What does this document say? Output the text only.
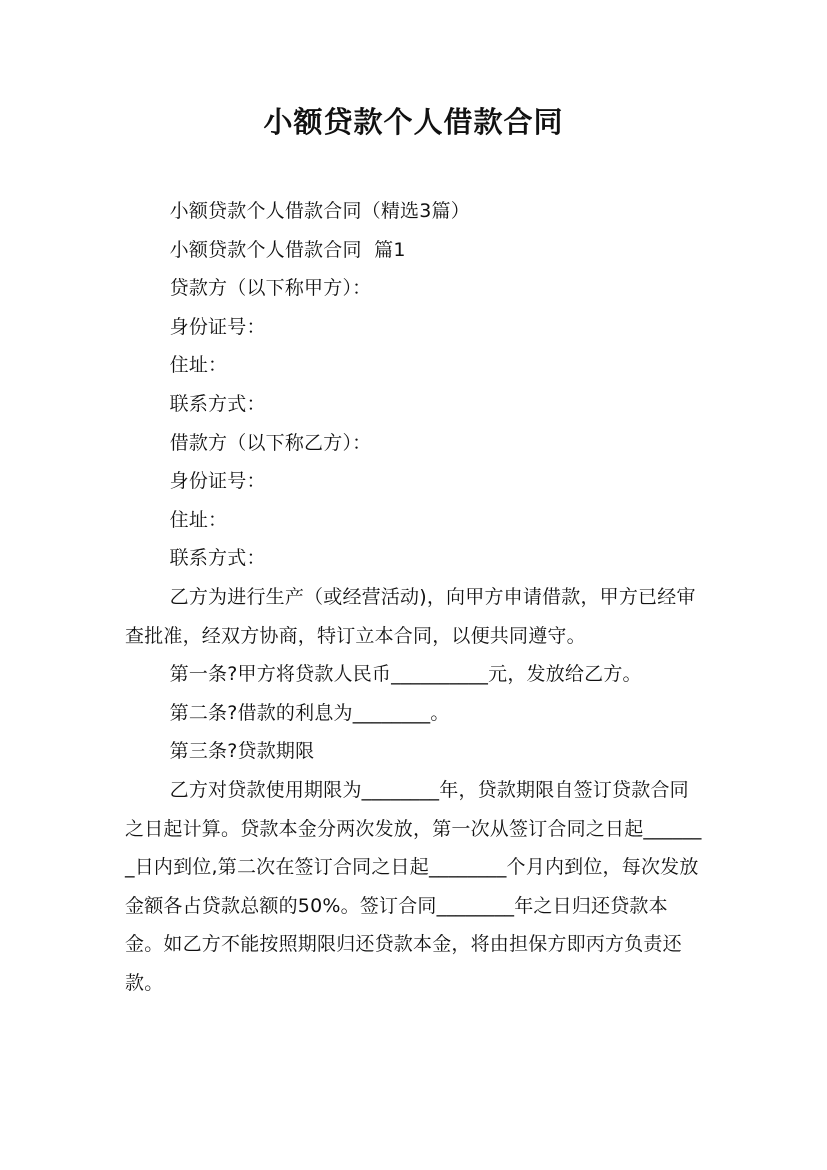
小额贷款个人借款合同

小额贷款个人借款合同（精选3篇）

小额贷款个人借款合同  篇1

贷款方（以下称甲方）：

身份证号：

住址：

联系方式：

借款方（以下称乙方）：

身份证号：

住址：

联系方式：

乙方为进行生产（或经营活动)，向甲方申请借款，甲方已经审查批准，经双方协商，特订立本合同，以便共同遵守。

第一条?甲方将贷款人民币__________元，发放给乙方。

第二条?借款的利息为________。

第三条?贷款期限

乙方对贷款使用期限为________年，贷款期限自签订贷款合同之日起计算。贷款本金分两次发放，第一次从签订合同之日起_______日内到位,第二次在签订合同之日起________个月内到位，每次发放金额各占贷款总额的50%。签订合同________年之日归还贷款本金。如乙方不能按照期限归还贷款本金，将由担保方即丙方负责还款。
